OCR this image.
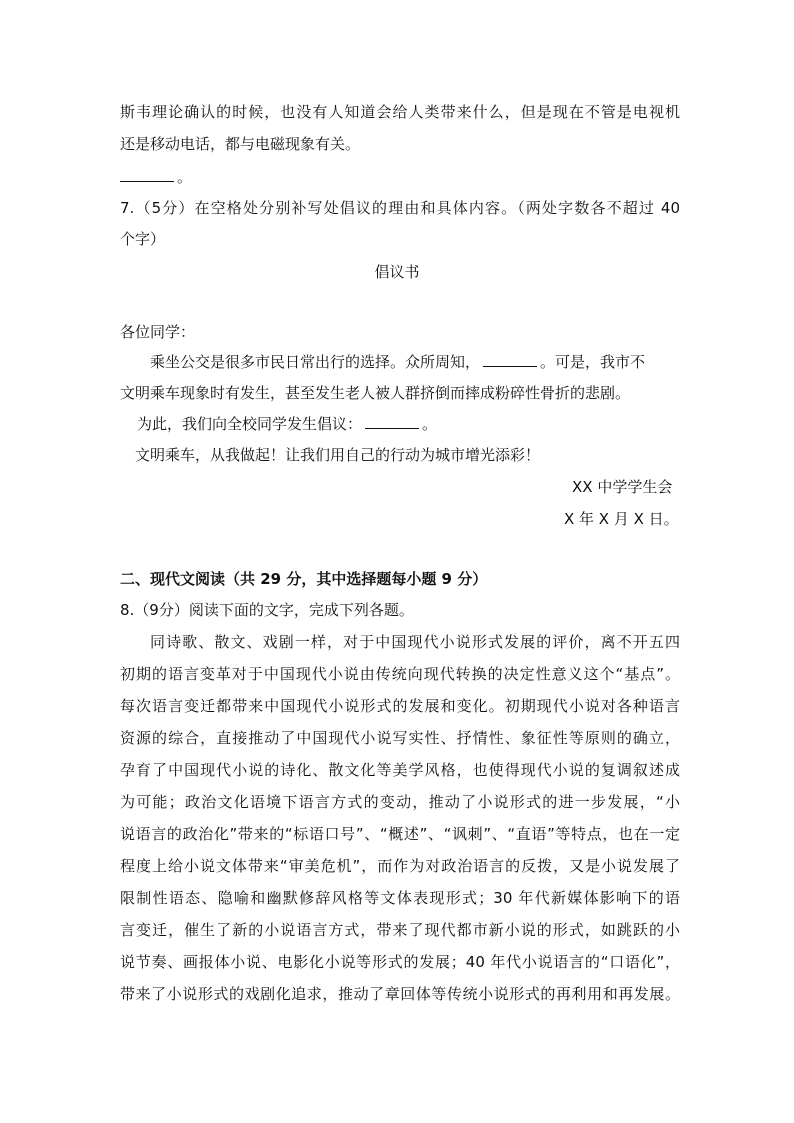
斯韦理论确认的时候，也没有人知道会给人类带来什么，但是现在不管是电视机
还是移动电话，都与电磁现象有关。
。
7.（5分）在空格处分别补写处倡议的理由和具体内容。（两处字数各不超过 40
个字）
倡议书
各位同学：
乘坐公交是很多市民日常出行的选择。众所周知，	。可是，我市不
文明乘车现象时有发生，甚至发生老人被人群挤倒而摔成粉碎性骨折的悲剧。
为此，我们向全校同学发生倡议：	。
文明乘车，从我做起！让我们用自己的行动为城市增光添彩！
XX 中学学生会
X 年 X 月 X 日。
二、现代文阅读（共 29 分，其中选择题每小题 9 分）
8.（9分）阅读下面的文字，完成下列各题。
同诗歌、散文、戏剧一样，对于中国现代小说形式发展的评价，离不开五四
初期的语言变革对于中国现代小说由传统向现代转换的决定性意义这个“基点”。
每次语言变迁都带来中国现代小说形式的发展和变化。初期现代小说对各种语言
资源的综合，直接推动了中国现代小说写实性、抒情性、象征性等原则的确立，
孕育了中国现代小说的诗化、散文化等美学风格，也使得现代小说的复调叙述成
为可能；政治文化语境下语言方式的变动，推动了小说形式的进一步发展，“小
说语言的政治化”带来的“标语口号”、“概述”、“讽刺”、“直语”等特点，也在一定
程度上给小说文体带来“审美危机”，而作为对政治语言的反拨，又是小说发展了
限制性语态、隐喻和幽默修辞风格等文体表现形式；30 年代新媒体影响下的语
言变迁，催生了新的小说语言方式，带来了现代都市新小说的形式，如跳跃的小
说节奏、画报体小说、电影化小说等形式的发展；40 年代小说语言的“口语化”，
带来了小说形式的戏剧化追求，推动了章回体等传统小说形式的再利用和再发展。
